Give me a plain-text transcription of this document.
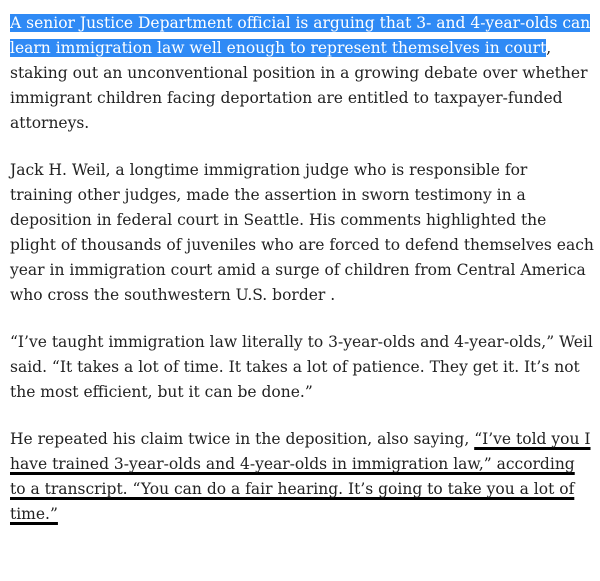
A senior Justice Department official is arguing that 3- and 4-year-olds can learn immigration law well enough to represent themselves in court, staking out an unconventional position in a growing debate over whether immigrant children facing deportation are entitled to taxpayer-funded attorneys.

Jack H. Weil, a longtime immigration judge who is responsible for training other judges, made the assertion in sworn testimony in a deposition in federal court in Seattle. His comments highlighted the plight of thousands of juveniles who are forced to defend themselves each year in immigration court amid a surge of children from Central America who cross the southwestern U.S. border .

“I’ve taught immigration law literally to 3-year-olds and 4-year-olds,” Weil said. “It takes a lot of time. It takes a lot of patience. They get it. It’s not the most efficient, but it can be done.”

He repeated his claim twice in the deposition, also saying, “I’ve told you I have trained 3-year-olds and 4-year-olds in immigration law,” according to a transcript. “You can do a fair hearing. It’s going to take you a lot of time.”
